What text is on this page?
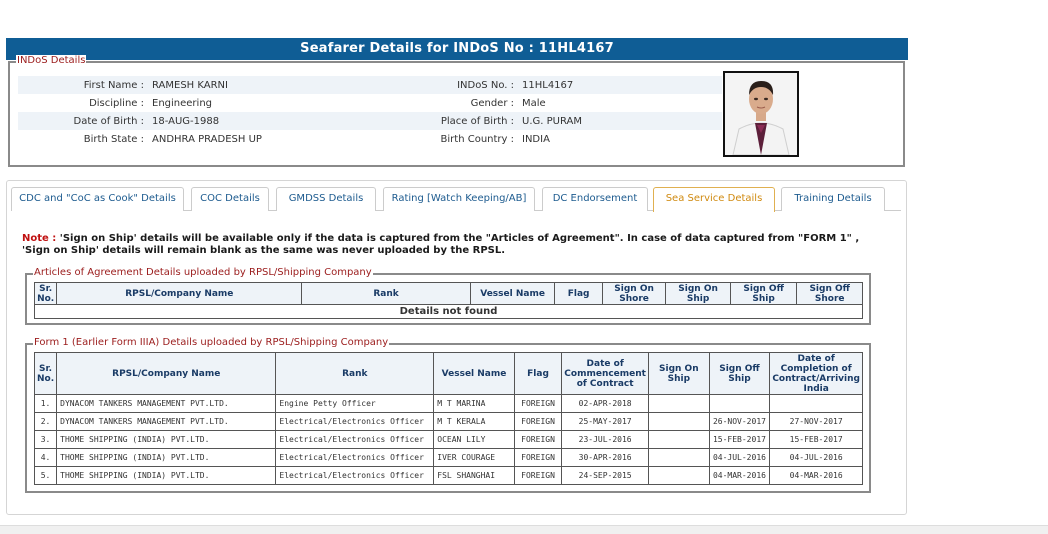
Seafarer Details for INDoS No : 11HL4167
INDoS Details
First Name :	RAMESH KARNI	INDoS No. :	11HL4167
Discipline :	Engineering	Gender :	Male
Date of Birth :	18-AUG-1988	Place of Birth :	U.G. PURAM
Birth State :	ANDHRA PRADESH UP	Birth Country :	INDIA
CDC and "CoC as Cook" Details	COC Details	GMDSS Details	Rating [Watch Keeping/AB]	DC Endorsement	Sea Service Details	Training Details
Note : 'Sign on Ship' details will be available only if the data is captured from the "Articles of Agreement". In case of data captured from "FORM 1" , 'Sign on Ship' details will remain blank as the same was never uploaded by the RPSL.
Articles of Agreement Details uploaded by RPSL/Shipping Company
Sr. No.	RPSL/Company Name	Rank	Vessel Name	Flag	Sign On Shore	Sign On Ship	Sign Off Ship	Sign Off Shore
Details not found
Form 1 (Earlier Form IIIA) Details uploaded by RPSL/Shipping Company
Sr. No.	RPSL/Company Name	Rank	Vessel Name	Flag	Date of Commencement of Contract	Sign On Ship	Sign Off Ship	Date of Completion of Contract/Arriving India
1.	DYNACOM TANKERS MANAGEMENT PVT.LTD.	Engine Petty Officer	M T MARINA	FOREIGN	02-APR-2018			
2.	DYNACOM TANKERS MANAGEMENT PVT.LTD.	Electrical/Electronics Officer	M T KERALA	FOREIGN	25-MAY-2017		26-NOV-2017	27-NOV-2017
3.	THOME SHIPPING (INDIA) PVT.LTD.	Electrical/Electronics Officer	OCEAN LILY	FOREIGN	23-JUL-2016		15-FEB-2017	15-FEB-2017
4.	THOME SHIPPING (INDIA) PVT.LTD.	Electrical/Electronics Officer	IVER COURAGE	FOREIGN	30-APR-2016		04-JUL-2016	04-JUL-2016
5.	THOME SHIPPING (INDIA) PVT.LTD.	Electrical/Electronics Officer	FSL SHANGHAI	FOREIGN	24-SEP-2015		04-MAR-2016	04-MAR-2016
